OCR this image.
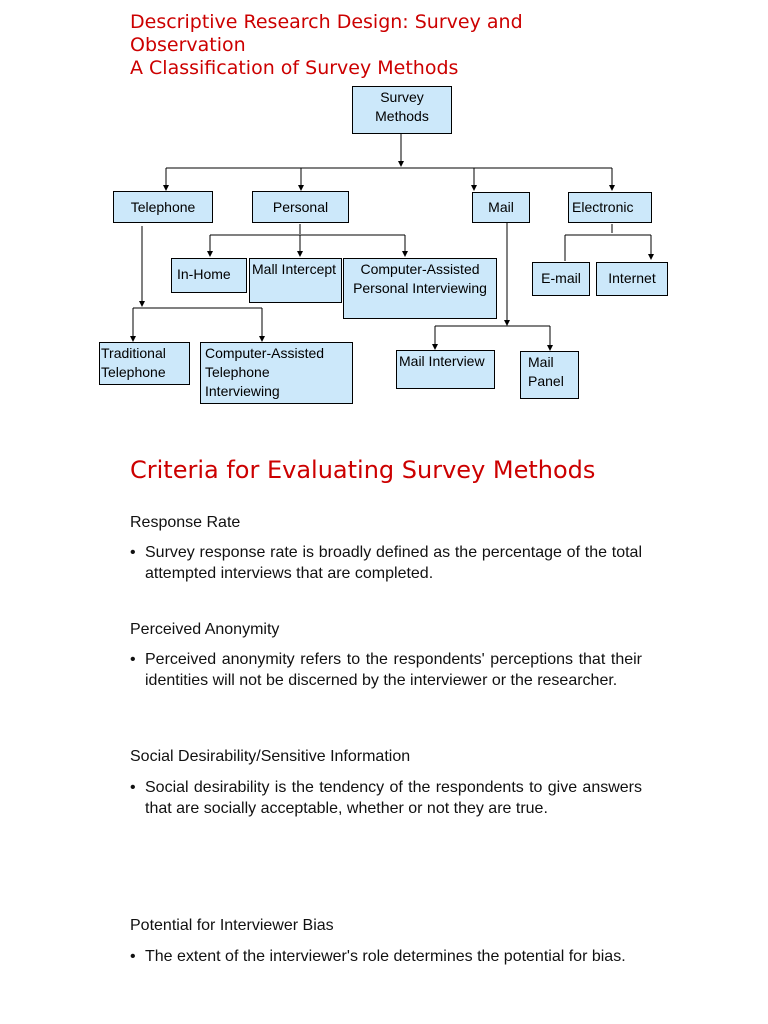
Descriptive Research Design: Survey and
Observation
A Classification of Survey Methods
Survey
Methods
Telephone	Personal	Mail	Electronic
In-Home	Mall Intercept	Computer-Assisted
Personal Interviewing
E-mail	Internet
Traditional
Telephone
Computer-Assisted
Telephone
Interviewing
Mail Interview	Mail
Panel
Criteria for Evaluating Survey Methods
Response Rate
• Survey response rate is broadly defined as the percentage of the total attempted interviews that are completed.
Perceived Anonymity
• Perceived anonymity refers to the respondents' perceptions that their identities will not be discerned by the interviewer or the researcher.
Social Desirability/Sensitive Information
• Social desirability is the tendency of the respondents to give answers that are socially acceptable, whether or not they are true.
Potential for Interviewer Bias
• The extent of the interviewer's role determines the potential for bias.
